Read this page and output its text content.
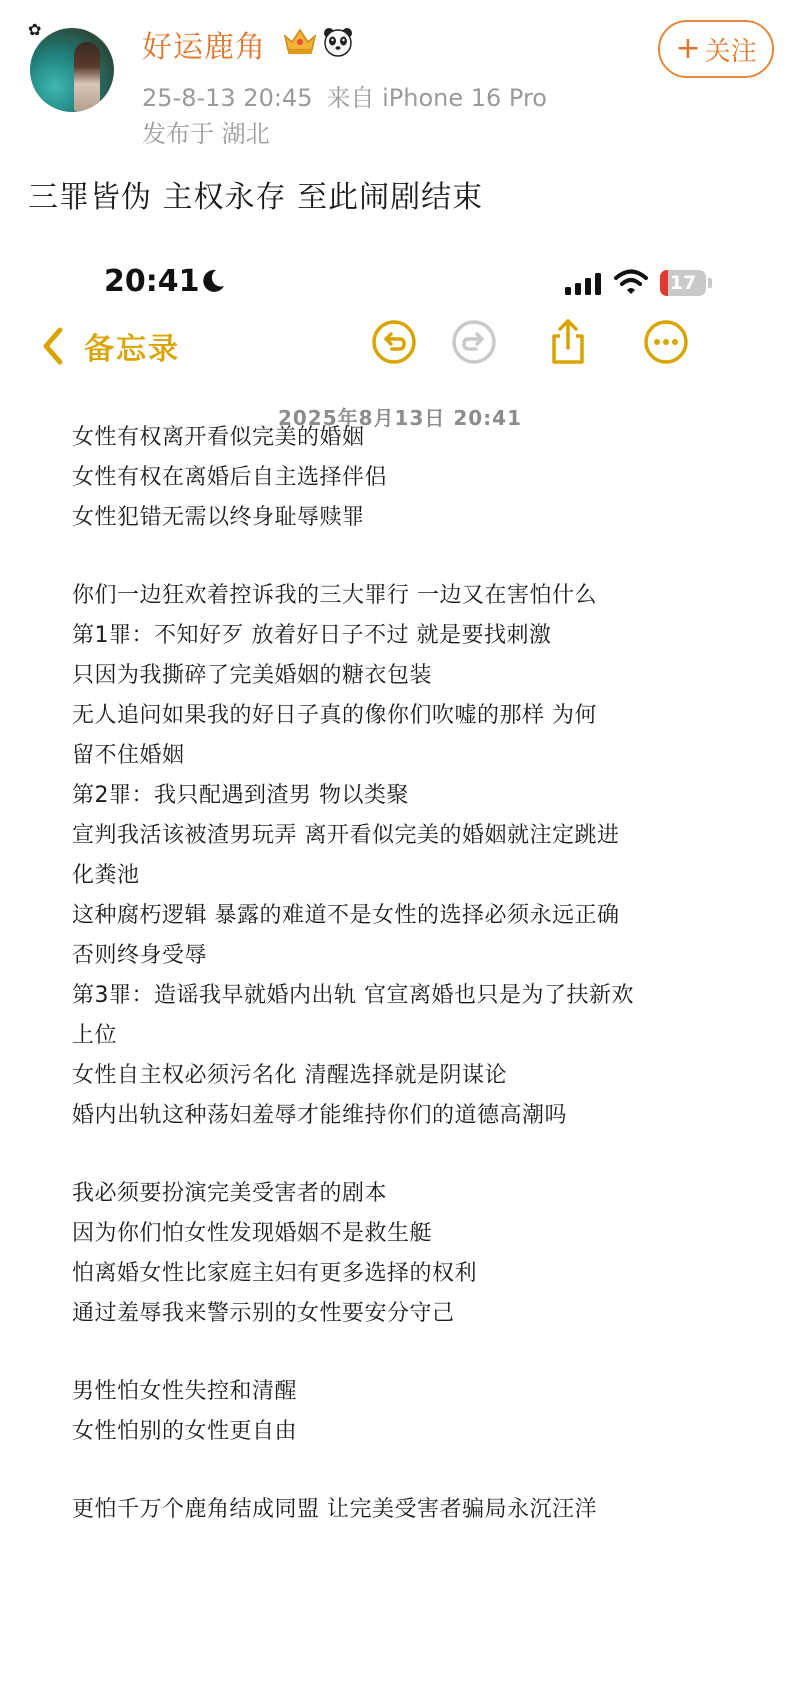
✿
好运鹿角
25-8-13 20:45 来自 iPhone 16 Pro
发布于 湖北
+ 关注
三罪皆伪 主权永存 至此闹剧结束
20:41	17
备忘录
2025年8月13日 20:41
女性有权离开看似完美的婚姻
女性有权在离婚后自主选择伴侣
女性犯错无需以终身耻辱赎罪
你们一边狂欢着控诉我的三大罪行 一边又在害怕什么
第1罪：不知好歹 放着好日子不过 就是要找刺激
只因为我撕碎了完美婚姻的糖衣包装
无人追问如果我的好日子真的像你们吹嘘的那样 为何
留不住婚姻
第2罪：我只配遇到渣男 物以类聚
宣判我活该被渣男玩弄 离开看似完美的婚姻就注定跳进
化粪池
这种腐朽逻辑 暴露的难道不是女性的选择必须永远正确
否则终身受辱
第3罪：造谣我早就婚内出轨 官宣离婚也只是为了扶新欢
上位
女性自主权必须污名化 清醒选择就是阴谋论
婚内出轨这种荡妇羞辱才能维持你们的道德高潮吗
我必须要扮演完美受害者的剧本
因为你们怕女性发现婚姻不是救生艇
怕离婚女性比家庭主妇有更多选择的权利
通过羞辱我来警示别的女性要安分守己
男性怕女性失控和清醒
女性怕别的女性更自由
更怕千万个鹿角结成同盟 让完美受害者骗局永沉汪洋
